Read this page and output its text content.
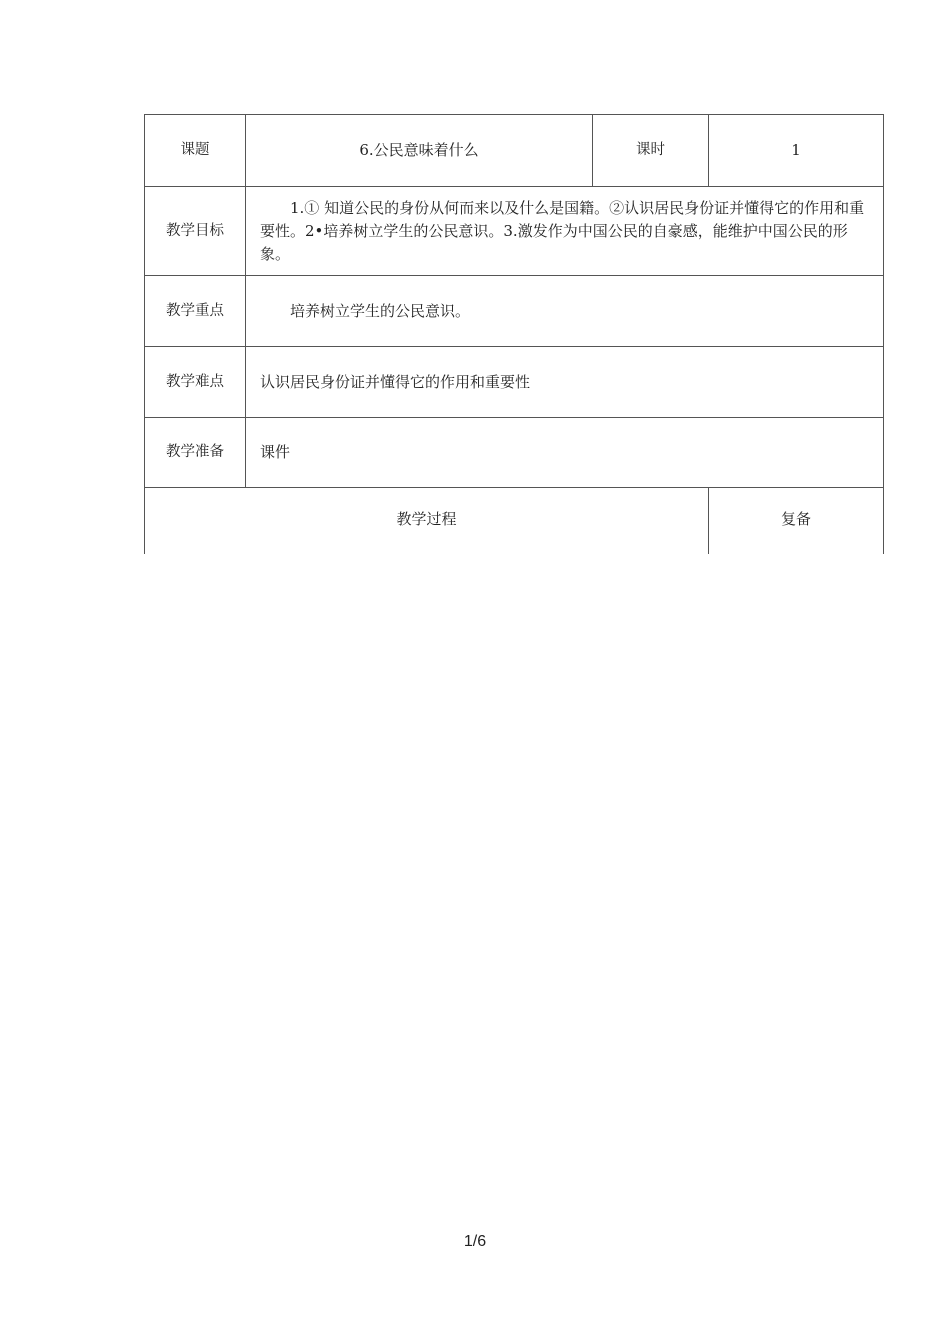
课题	6.公民意味着什么	课时	1
教学目标	1.① 知道公民的身份从何而来以及什么是国籍。②认识居民身份证并懂得它的作用和重要性。2•培养树立学生的公民意识。3.激发作为中国公民的自豪感，能维护中国公民的形象。		
教学重点	培养树立学生的公民意识。		
教学难点	认识居民身份证并懂得它的作用和重要性		
教学准备	课件		
教学过程			复备
1/6
